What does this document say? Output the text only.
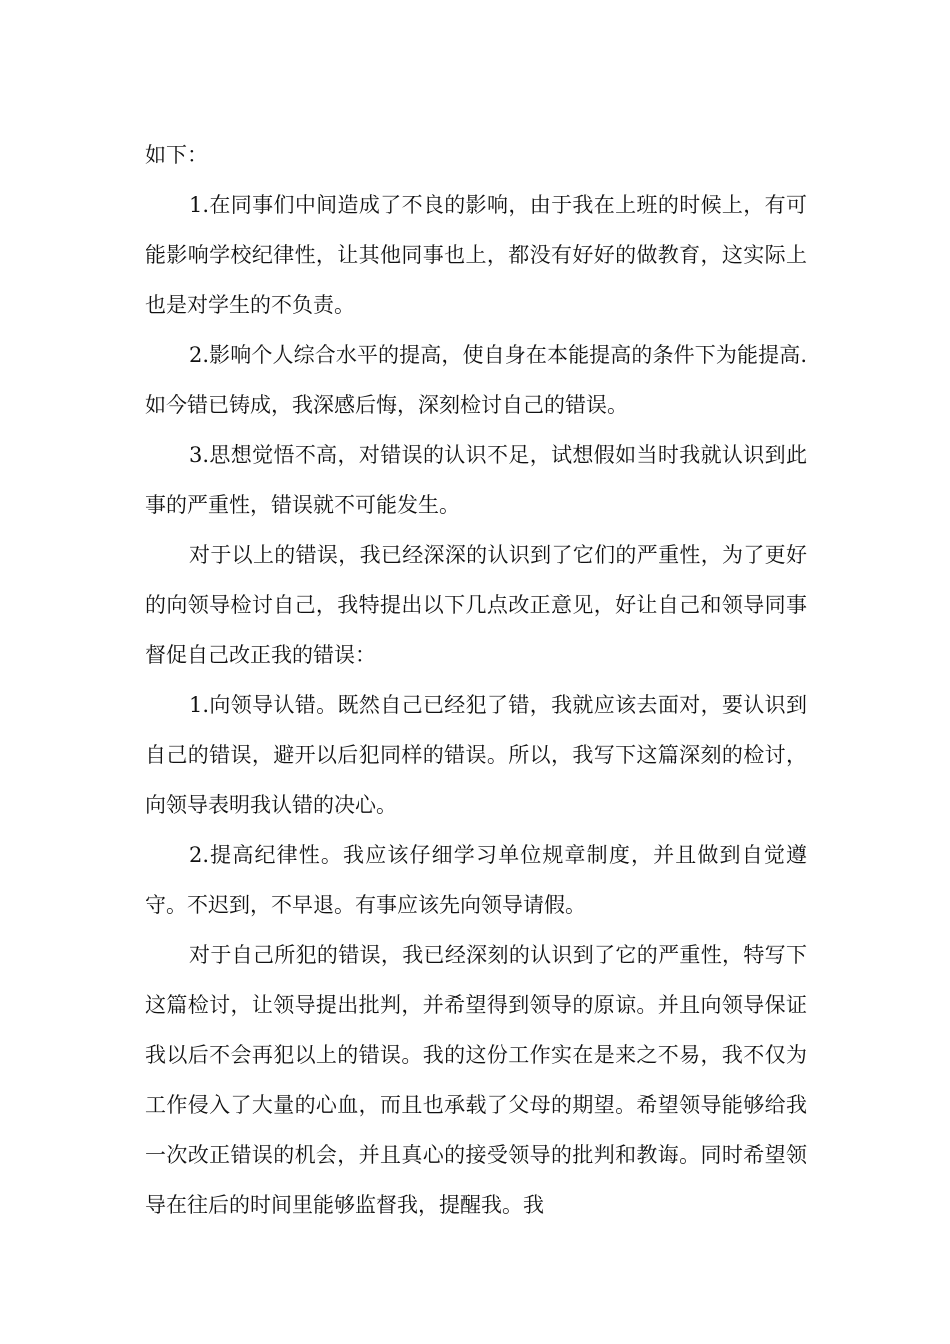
如下：

1.在同事们中间造成了不良的影响，由于我在上班的时候上，有可能影响学校纪律性，让其他同事也上，都没有好好的做教育，这实际上也是对学生的不负责。

2.影响个人综合水平的提高，使自身在本能提高的条件下为能提高.如今错已铸成，我深感后悔，深刻检讨自己的错误。

3.思想觉悟不高，对错误的认识不足，试想假如当时我就认识到此事的严重性，错误就不可能发生。

对于以上的错误，我已经深深的认识到了它们的严重性，为了更好的向领导检讨自己，我特提出以下几点改正意见，好让自己和领导同事督促自己改正我的错误：

1.向领导认错。既然自己已经犯了错，我就应该去面对，要认识到自己的错误，避开以后犯同样的错误。所以，我写下这篇深刻的检讨，向领导表明我认错的决心。

2.提高纪律性。我应该仔细学习单位规章制度，并且做到自觉遵守。不迟到，不早退。有事应该先向领导请假。

对于自己所犯的错误，我已经深刻的认识到了它的严重性，特写下这篇检讨，让领导提出批判，并希望得到领导的原谅。并且向领导保证我以后不会再犯以上的错误。我的这份工作实在是来之不易，我不仅为工作侵入了大量的心血，而且也承载了父母的期望。希望领导能够给我一次改正错误的机会，并且真心的接受领导的批判和教诲。同时希望领导在往后的时间里能够监督我，提醒我。我
